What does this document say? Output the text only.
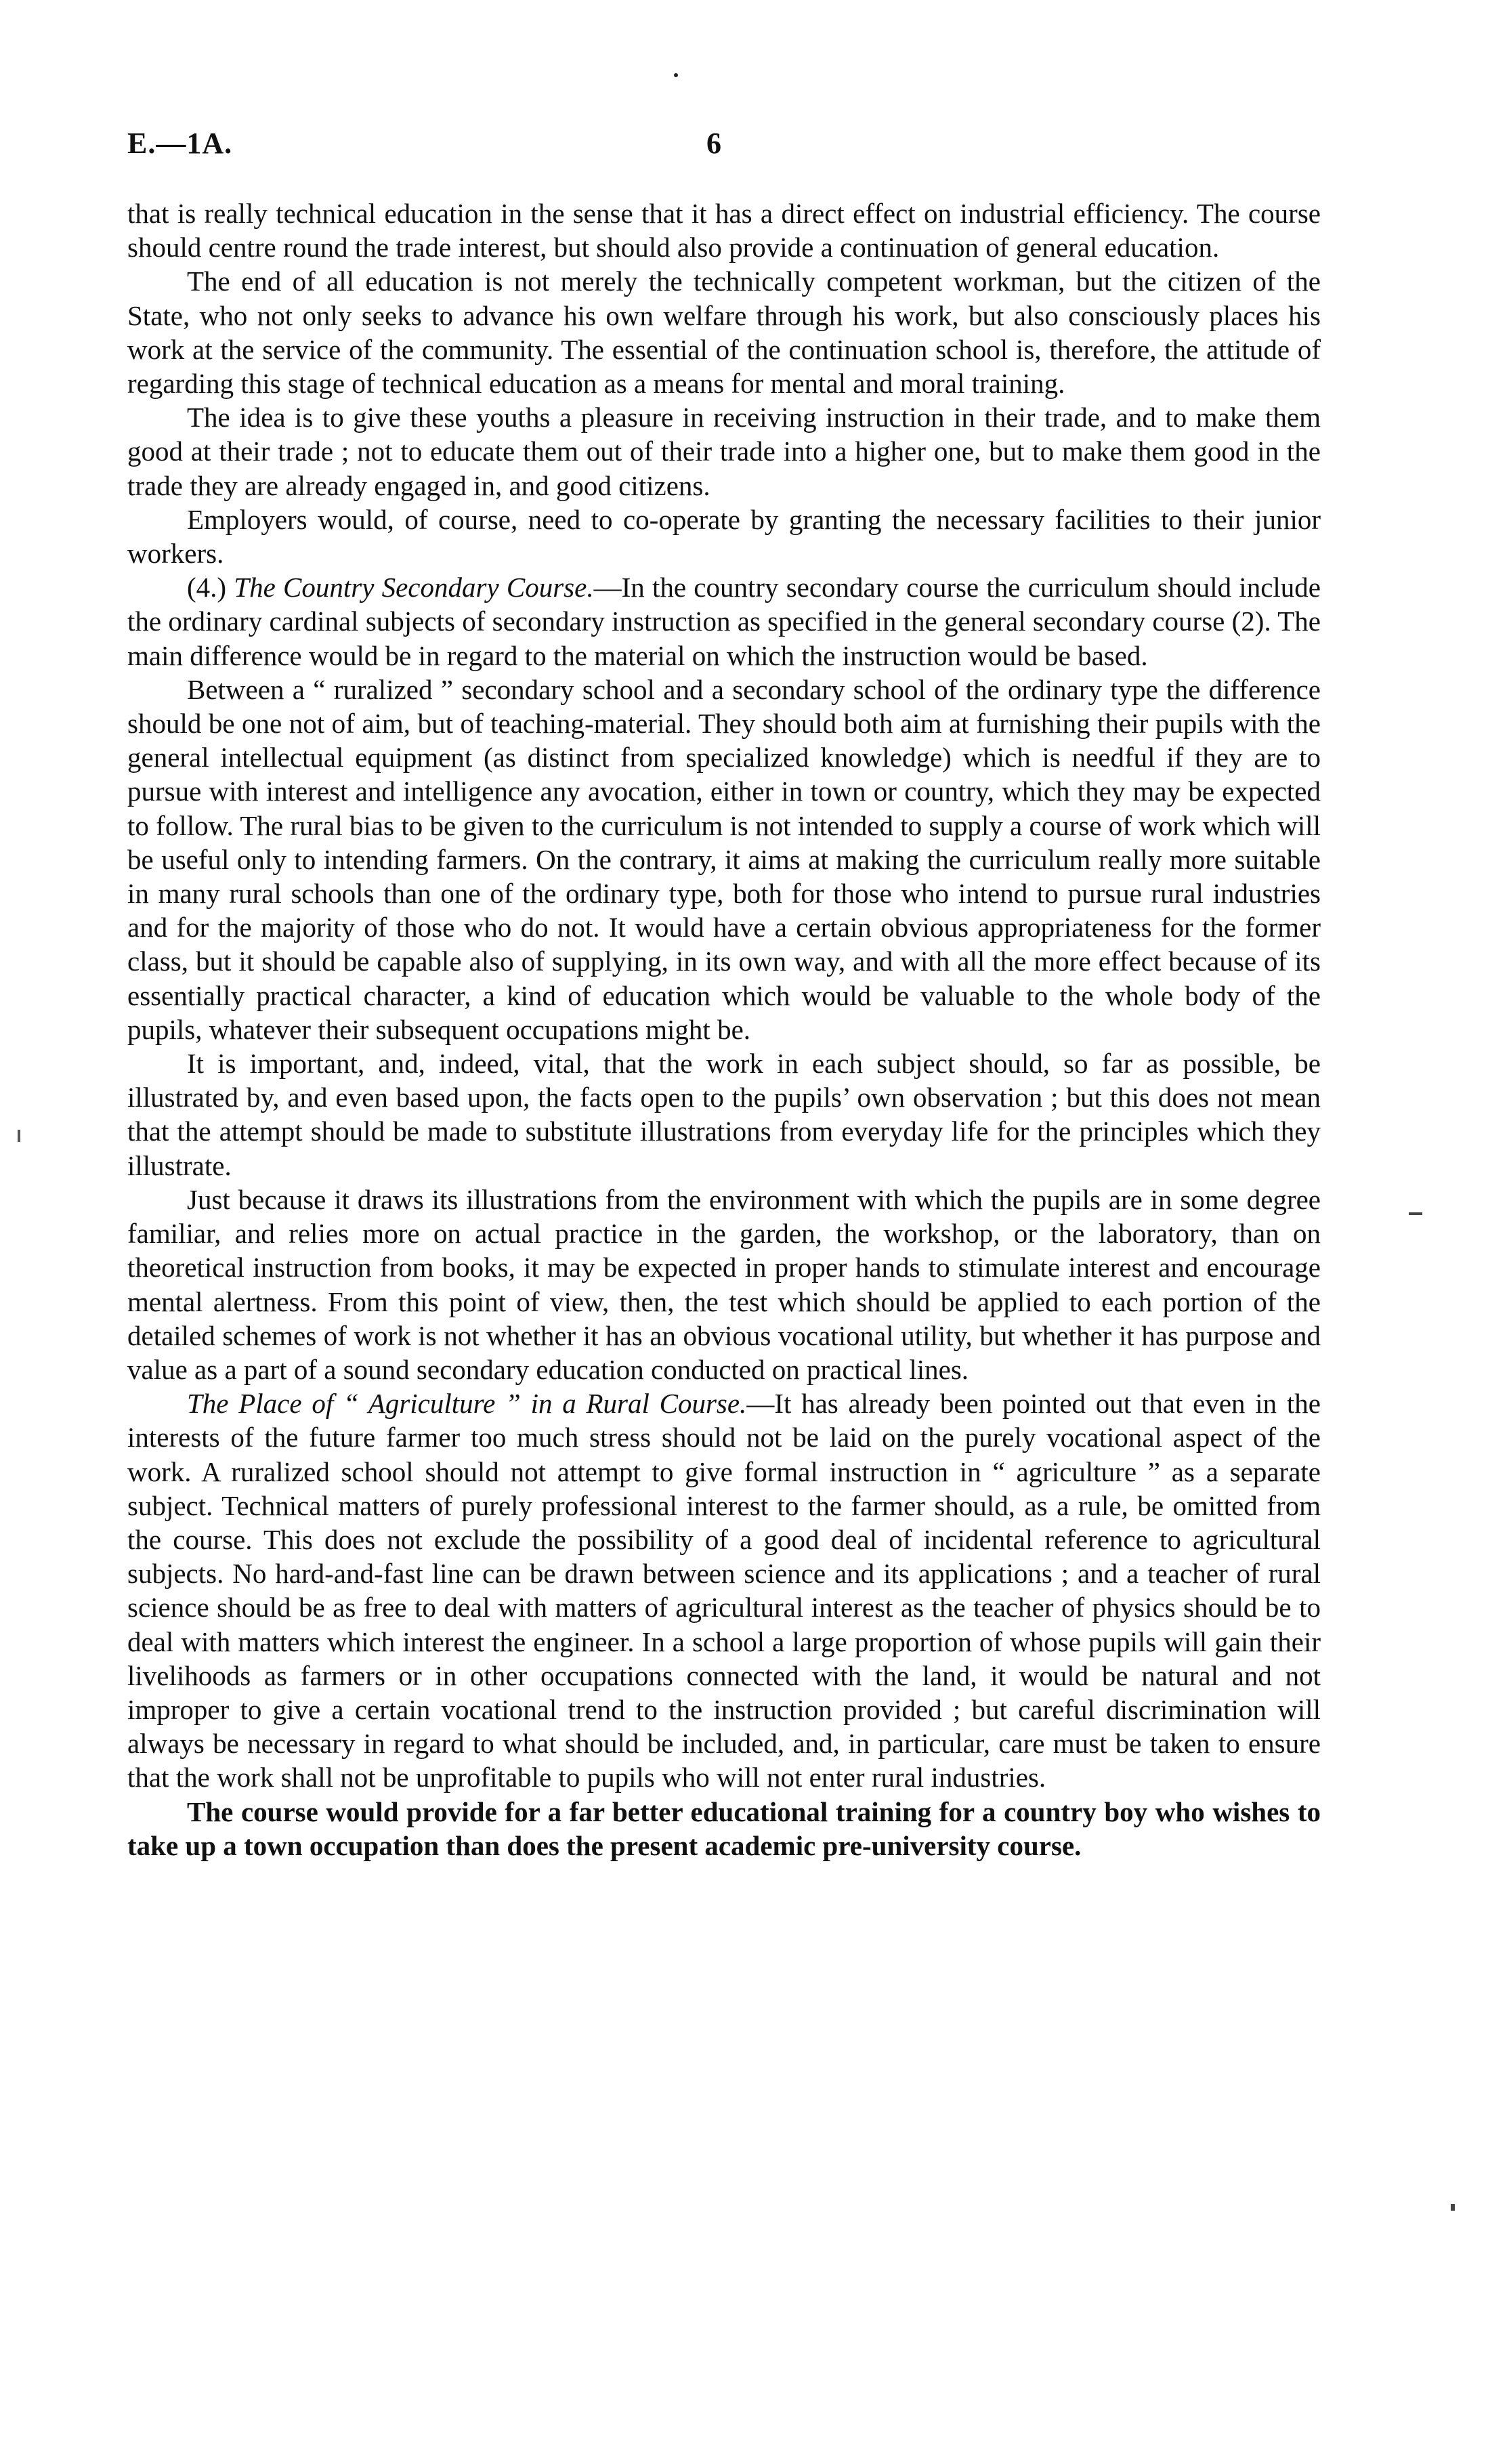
E.—1A.	6

that is really technical education in the sense that it has a direct effect on industrial efficiency. The course should centre round the trade interest, but should also provide a continuation of general education.

The end of all education is not merely the technically competent workman, but the citizen of the State, who not only seeks to advance his own welfare through his work, but also consciously places his work at the service of the community. The essential of the continuation school is, therefore, the attitude of regarding this stage of technical education as a means for mental and moral training.

The idea is to give these youths a pleasure in receiving instruction in their trade, and to make them good at their trade ; not to educate them out of their trade into a higher one, but to make them good in the trade they are already engaged in, and good citizens.

Employers would, of course, need to co-operate by granting the necessary facilities to their junior workers.

(4.) The Country Secondary Course.—In the country secondary course the curriculum should include the ordinary cardinal subjects of secondary instruction as specified in the general secondary course (2). The main difference would be in regard to the material on which the instruction would be based.

Between a “ ruralized ” secondary school and a secondary school of the ordinary type the difference should be one not of aim, but of teaching-material. They should both aim at furnishing their pupils with the general intellectual equipment (as distinct from specialized knowledge) which is needful if they are to pursue with interest and intelligence any avocation, either in town or country, which they may be expected to follow. The rural bias to be given to the curriculum is not intended to supply a course of work which will be useful only to intending farmers. On the contrary, it aims at making the curriculum really more suitable in many rural schools than one of the ordinary type, both for those who intend to pursue rural industries and for the majority of those who do not. It would have a certain obvious appropriateness for the former class, but it should be capable also of supplying, in its own way, and with all the more effect because of its essentially practical character, a kind of education which would be valuable to the whole body of the pupils, whatever their subsequent occupations might be.

It is important, and, indeed, vital, that the work in each subject should, so far as possible, be illustrated by, and even based upon, the facts open to the pupils’ own observation ; but this does not mean that the attempt should be made to substitute illustrations from everyday life for the principles which they illustrate.

Just because it draws its illustrations from the environment with which the pupils are in some degree familiar, and relies more on actual practice in the garden, the workshop, or the laboratory, than on theoretical instruction from books, it may be expected in proper hands to stimulate interest and encourage mental alertness. From this point of view, then, the test which should be applied to each portion of the detailed schemes of work is not whether it has an obvious vocational utility, but whether it has purpose and value as a part of a sound secondary education conducted on practical lines.

The Place of “ Agriculture ” in a Rural Course.—It has already been pointed out that even in the interests of the future farmer too much stress should not be laid on the purely vocational aspect of the work. A ruralized school should not attempt to give formal instruction in “ agriculture ” as a separate subject. Technical matters of purely professional interest to the farmer should, as a rule, be omitted from the course. This does not exclude the possibility of a good deal of incidental reference to agricultural subjects. No hard-and-fast line can be drawn between science and its applications ; and a teacher of rural science should be as free to deal with matters of agricultural interest as the teacher of physics should be to deal with matters which interest the engineer. In a school a large proportion of whose pupils will gain their livelihoods as farmers or in other occupations connected with the land, it would be natural and not improper to give a certain vocational trend to the instruction provided ; but careful discrimination will always be necessary in regard to what should be included, and, in particular, care must be taken to ensure that the work shall not be unprofitable to pupils who will not enter rural industries.

The course would provide for a far better educational training for a country boy who wishes to take up a town occupation than does the present academic pre-university course.
